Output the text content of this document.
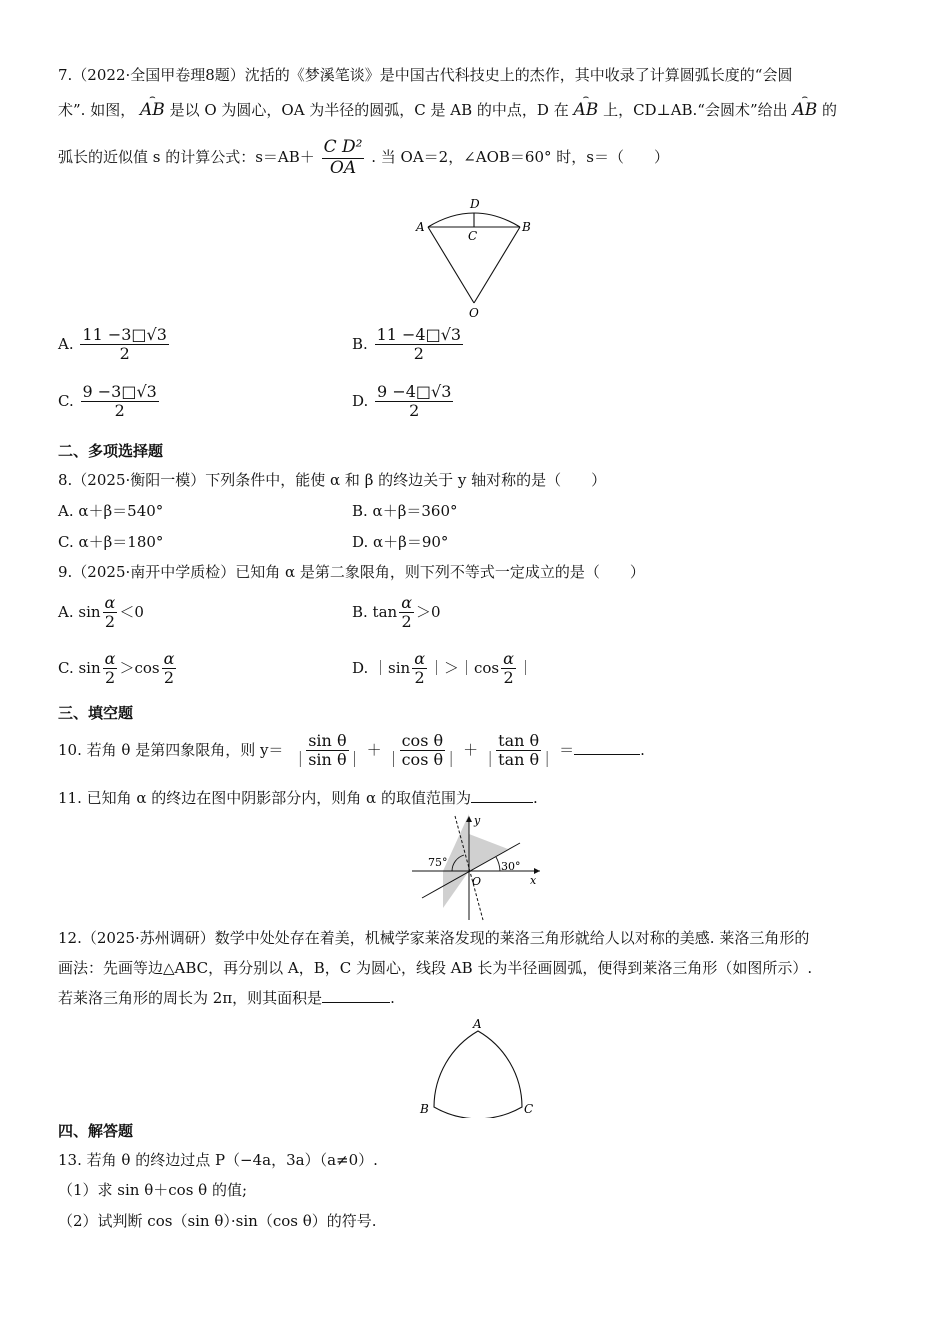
7.（2022·全国甲卷理8题）沈括的《梦溪笔谈》是中国古代科技史上的杰作，其中收录了计算圆弧长度的“会圆
术”. 如图，
⌢
AB 是以 O 为圆心，OA 为半径的圆弧，C 是 AB 的中点，D 在
⌢
AB 上，CD⊥AB.“会圆术”给出
⌢
AB 的
弧长的近似值 s 的计算公式：$s=AB+ \frac{\text{C D²}}{OA}$ . 当 OA＝2，∠AOB＝60° 时，s＝（　　）
A	B
C
D
O
A. $\frac{11 -3□√3}{2}$	B. $\frac{11 -4□√3}{2}$
C. $\frac{9 -3□√3}{2}$	D. $\frac{9 -4□√3}{2}$
二、多项选择题
8.（2025·衡阳一模）下列条件中，能使 α 和 β 的终边关于 y 轴对称的是（　　）
A. α＋β＝540°	B. α＋β＝360°
C. α＋β＝180°	D. α＋β＝90°
9.（2025·南开中学质检）已知角 α 是第二象限角，则下列不等式一定成立的是（　　）
A. $\sin \frac{\alpha}{2} <0$	B. $\tan \frac{\alpha}{2} >0$
C. $\sin \frac{\alpha}{2} >\cos \frac{\alpha}{2}$	D. ｜sin $\frac{\alpha}{2}$ ｜＞｜cos $\frac{\alpha}{2}$ ｜
三、填空题
10. 若角 θ 是第四象限角，则 $y= \frac{\text{sin θ}}{\text{｜sin θ｜}} + \frac{\text{cos θ}}{\text{｜cos θ｜}} + \frac{\text{tan θ}}{\text{｜tan θ｜}}$ ＝	.
11. 已知角 α 的终边在图中阴影部分内，则角 α 的取值范围为	.
y
x
O
75°	30°
12.（2025·苏州调研）数学中处处存在着美，机械学家莱洛发现的莱洛三角形就给人以对称的美感. 莱洛三角形的
画法：先画等边△ABC，再分别以 A，B，C 为圆心，线段 AB 长为半径画圆弧，便得到莱洛三角形（如图所示）.
若莱洛三角形的周长为 2π，则其面积是	.
A
B	C
四、解答题
13. 若角 θ 的终边过点 P（−4a，3a）（a≠0）.
（1）求 sin θ＋cos θ 的值;
（2）试判断 cos（sin θ）·sin（cos θ）的符号.
